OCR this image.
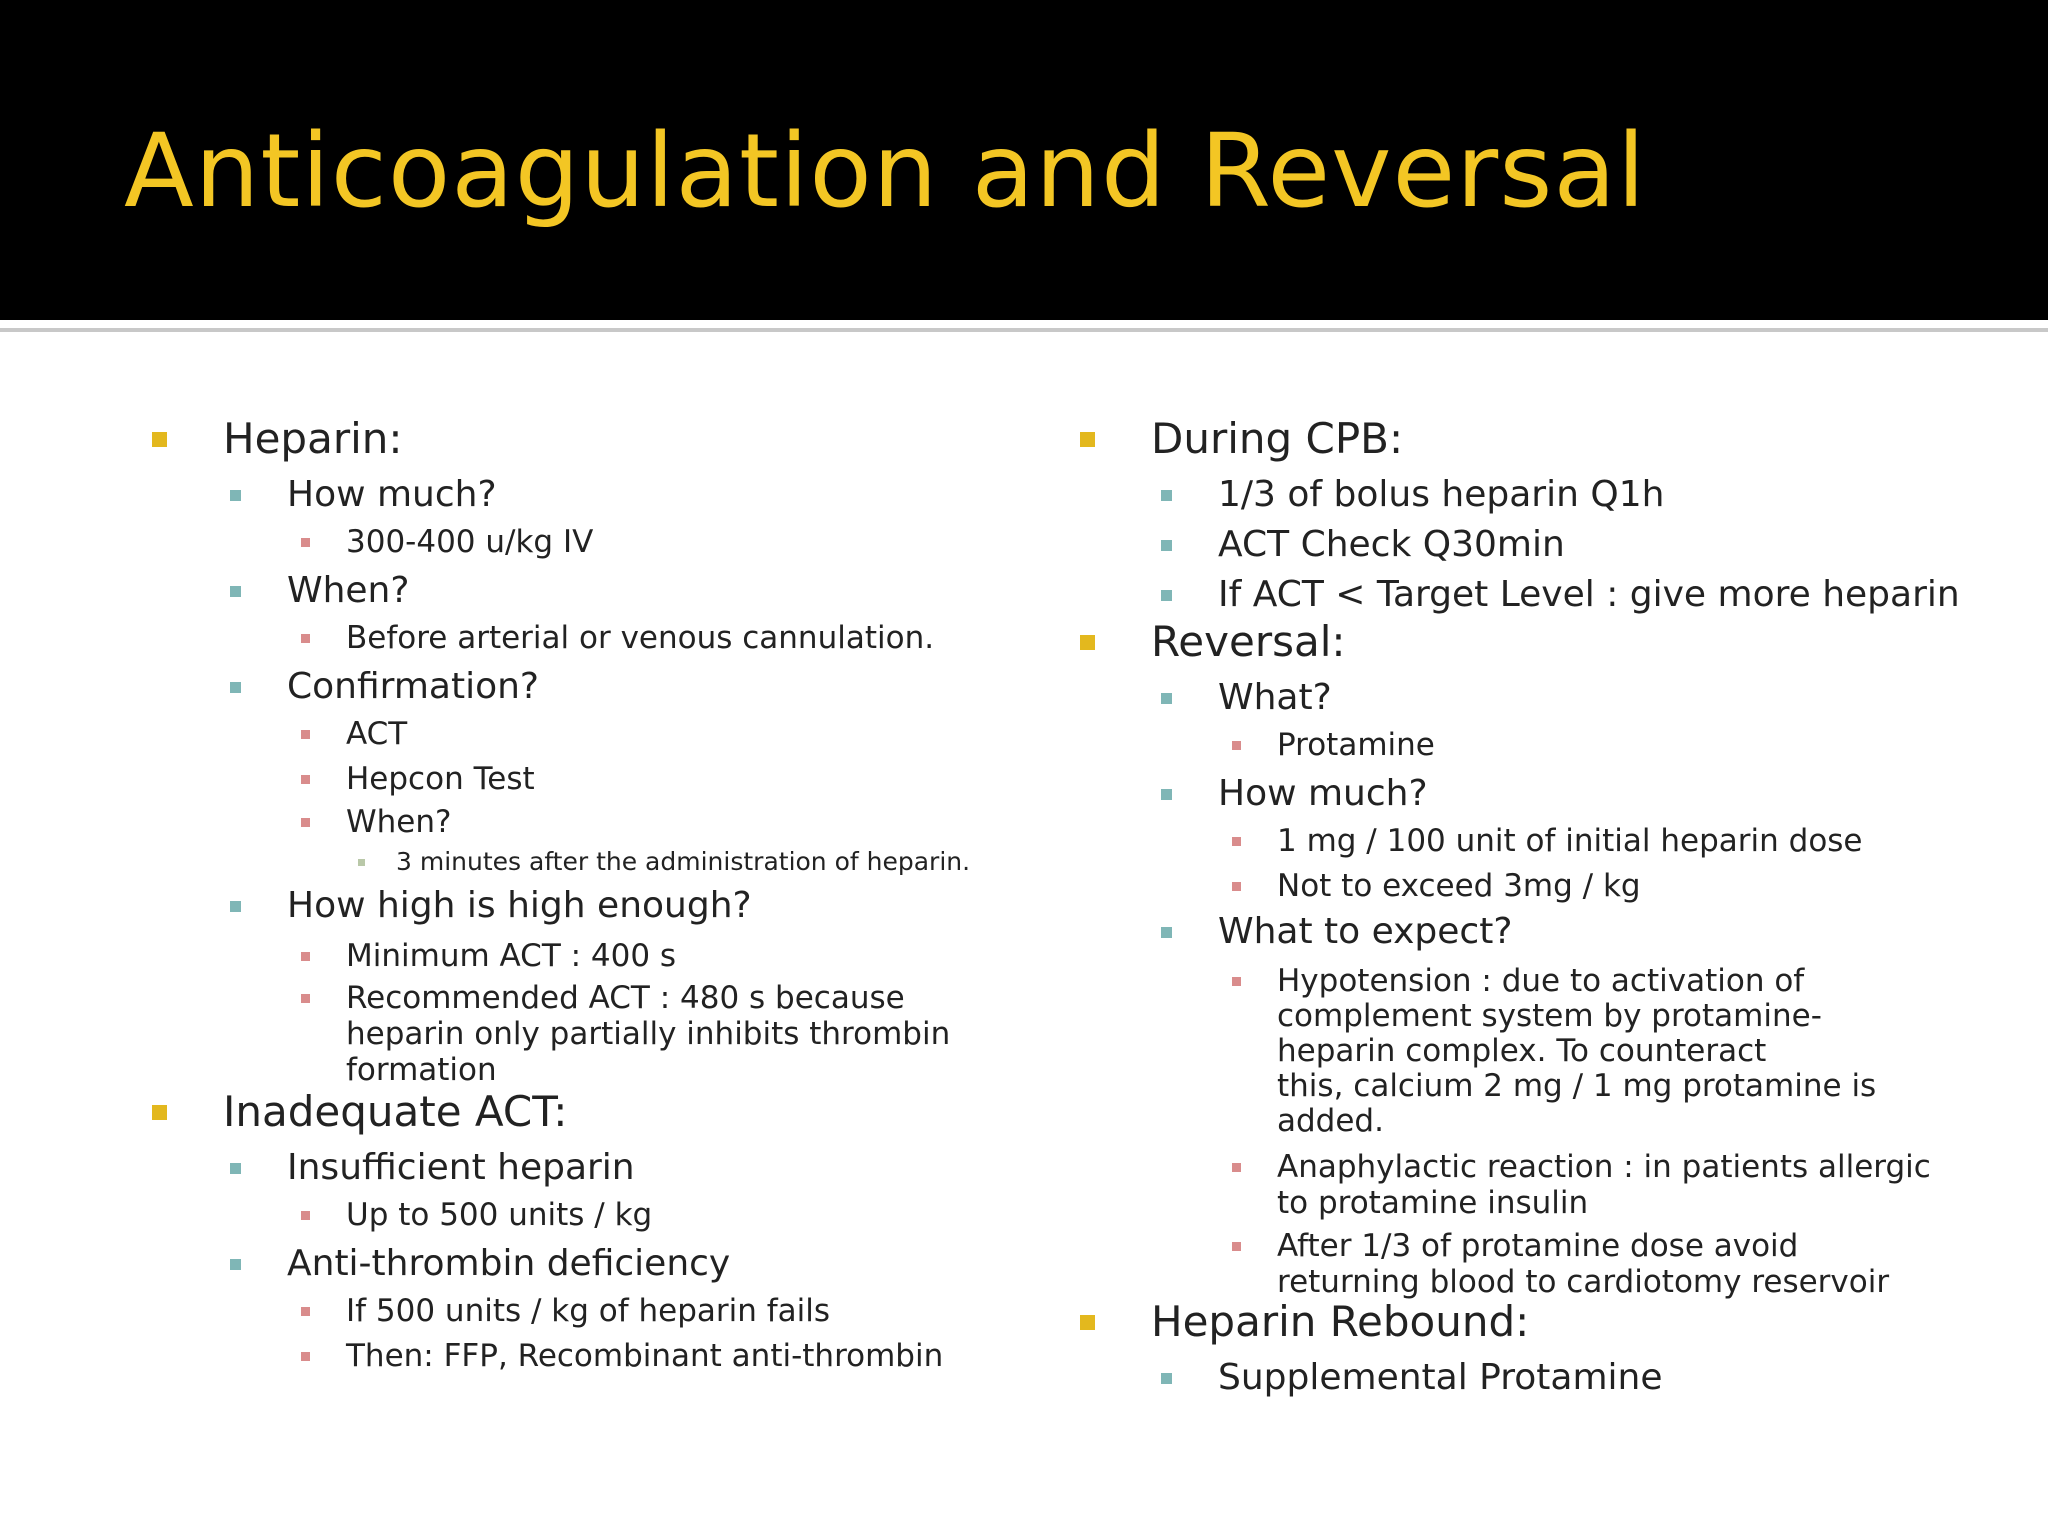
Anticoagulation and Reversal
Heparin:
How much?
300-400 u/kg IV
When?
Before arterial or venous cannulation.
Confirmation?
ACT
Hepcon Test
When?
3 minutes after the administration of heparin.
How high is high enough?
Minimum ACT : 400 s
Recommended ACT : 480 s because
heparin only partially inhibits thrombin
formation
Inadequate ACT:
Insufficient heparin
Up to 500 units / kg
Anti-thrombin deficiency
If 500 units / kg of heparin fails
Then: FFP, Recombinant anti-thrombin
During CPB:
1/3 of bolus heparin Q1h
ACT Check Q30min
If ACT < Target Level : give more heparin
Reversal:
What?
Protamine
How much?
1 mg / 100 unit of initial heparin dose
Not to exceed 3mg / kg
What to expect?
Hypotension : due to activation of
complement system by protamine-
heparin complex. To counteract
this, calcium 2 mg / 1 mg protamine is
added.
Anaphylactic reaction : in patients allergic
to protamine insulin
After 1/3 of protamine dose avoid
returning blood to cardiotomy reservoir
Heparin Rebound:
Supplemental Protamine
